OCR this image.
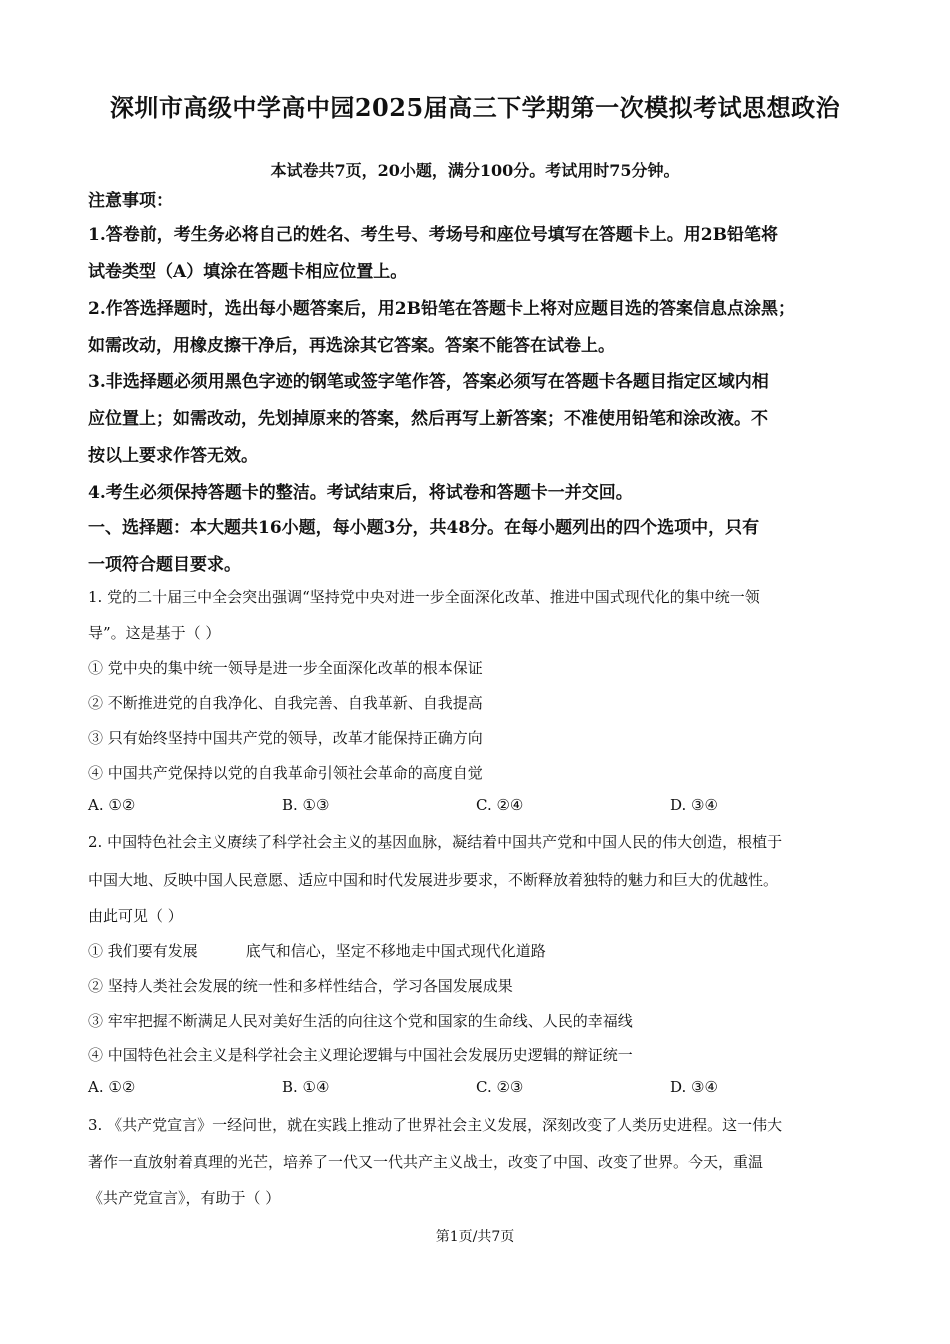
深圳市高级中学高中园2025届高三下学期第一次模拟考试思想政治
本试卷共7页，20小题，满分100分。考试用时75分钟。
注意事项：
1.答卷前，考生务必将自己的姓名、考生号、考场号和座位号填写在答题卡上。用2B铅笔将
试卷类型（A）填涂在答题卡相应位置上。
2.作答选择题时，选出每小题答案后，用2B铅笔在答题卡上将对应题目选的答案信息点涂黑；
如需改动，用橡皮擦干净后，再选涂其它答案。答案不能答在试卷上。
3.非选择题必须用黑色字迹的钢笔或签字笔作答，答案必须写在答题卡各题目指定区域内相
应位置上；如需改动，先划掉原来的答案，然后再写上新答案；不准使用铅笔和涂改液。不
按以上要求作答无效。
4.考生必须保持答题卡的整洁。考试结束后，将试卷和答题卡一并交回。
一、选择题：本大题共16小题，每小题3分，共48分。在每小题列出的四个选项中，只有
一项符合题目要求。
1. 党的二十届三中全会突出强调“坚持党中央对进一步全面深化改革、推进中国式现代化的集中统一领
导”。这是基于（ ）
① 党中央的集中统一领导是进一步全面深化改革的根本保证
② 不断推进党的自我净化、自我完善、自我革新、自我提高
③ 只有始终坚持中国共产党的领导，改革才能保持正确方向
④ 中国共产党保持以党的自我革命引领社会革命的高度自觉
A. ①②	B. ①③	C. ②④	D. ③④
2. 中国特色社会主义赓续了科学社会主义的基因血脉，凝结着中国共产党和中国人民的伟大创造，根植于
中国大地、反映中国人民意愿、适应中国和时代发展进步要求，不断释放着独特的魅力和巨大的优越性。
由此可见（ ）
① 我们要有发展	底气和信心，坚定不移地走中国式现代化道路
② 坚持人类社会发展的统一性和多样性结合，学习各国发展成果
③ 牢牢把握不断满足人民对美好生活的向往这个党和国家的生命线、人民的幸福线
④ 中国特色社会主义是科学社会主义理论逻辑与中国社会发展历史逻辑的辩证统一
A. ①②	B. ①④	C. ②③	D. ③④
3. 《共产党宣言》一经问世，就在实践上推动了世界社会主义发展，深刻改变了人类历史进程。这一伟大
著作一直放射着真理的光芒，培养了一代又一代共产主义战士，改变了中国、改变了世界。今天，重温
《共产党宣言》，有助于（ ）
第1页/共7页
